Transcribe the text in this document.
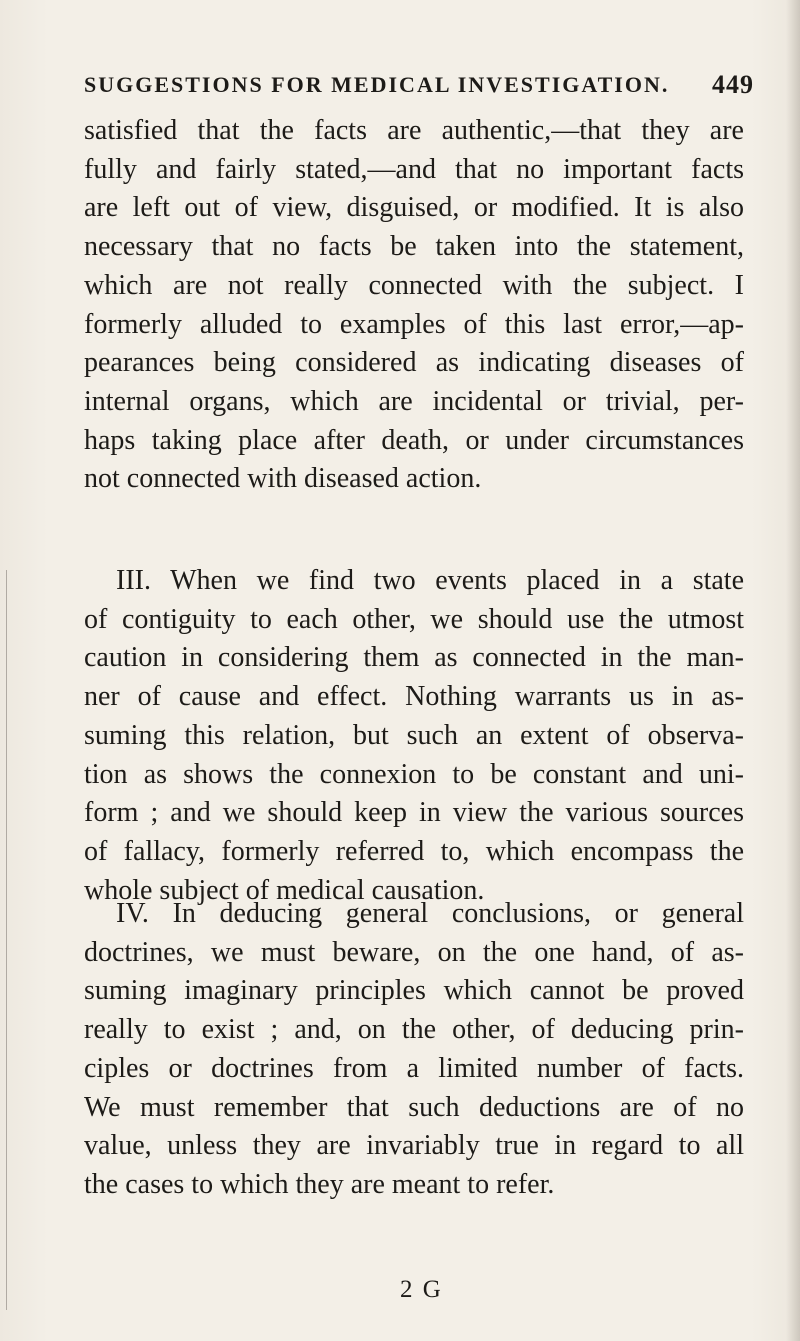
SUGGESTIONS FOR MEDICAL INVESTIGATION. 449
satisfied that the facts are authentic,—that they are
fully and fairly stated,—and that no important facts
are left out of view, disguised, or modified. It is also
necessary that no facts be taken into the statement,
which are not really connected with the subject. I
formerly alluded to examples of this last error,—ap-
pearances being considered as indicating diseases of
internal organs, which are incidental or trivial, per-
haps taking place after death, or under circumstances
not connected with diseased action.
III. When we find two events placed in a state
of contiguity to each other, we should use the utmost
caution in considering them as connected in the man-
ner of cause and effect. Nothing warrants us in as-
suming this relation, but such an extent of observa-
tion as shows the connexion to be constant and uni-
form ; and we should keep in view the various sources
of fallacy, formerly referred to, which encompass the
whole subject of medical causation.
IV. In deducing general conclusions, or general
doctrines, we must beware, on the one hand, of as-
suming imaginary principles which cannot be proved
really to exist ; and, on the other, of deducing prin-
ciples or doctrines from a limited number of facts.
We must remember that such deductions are of no
value, unless they are invariably true in regard to all
the cases to which they are meant to refer.
2 G
